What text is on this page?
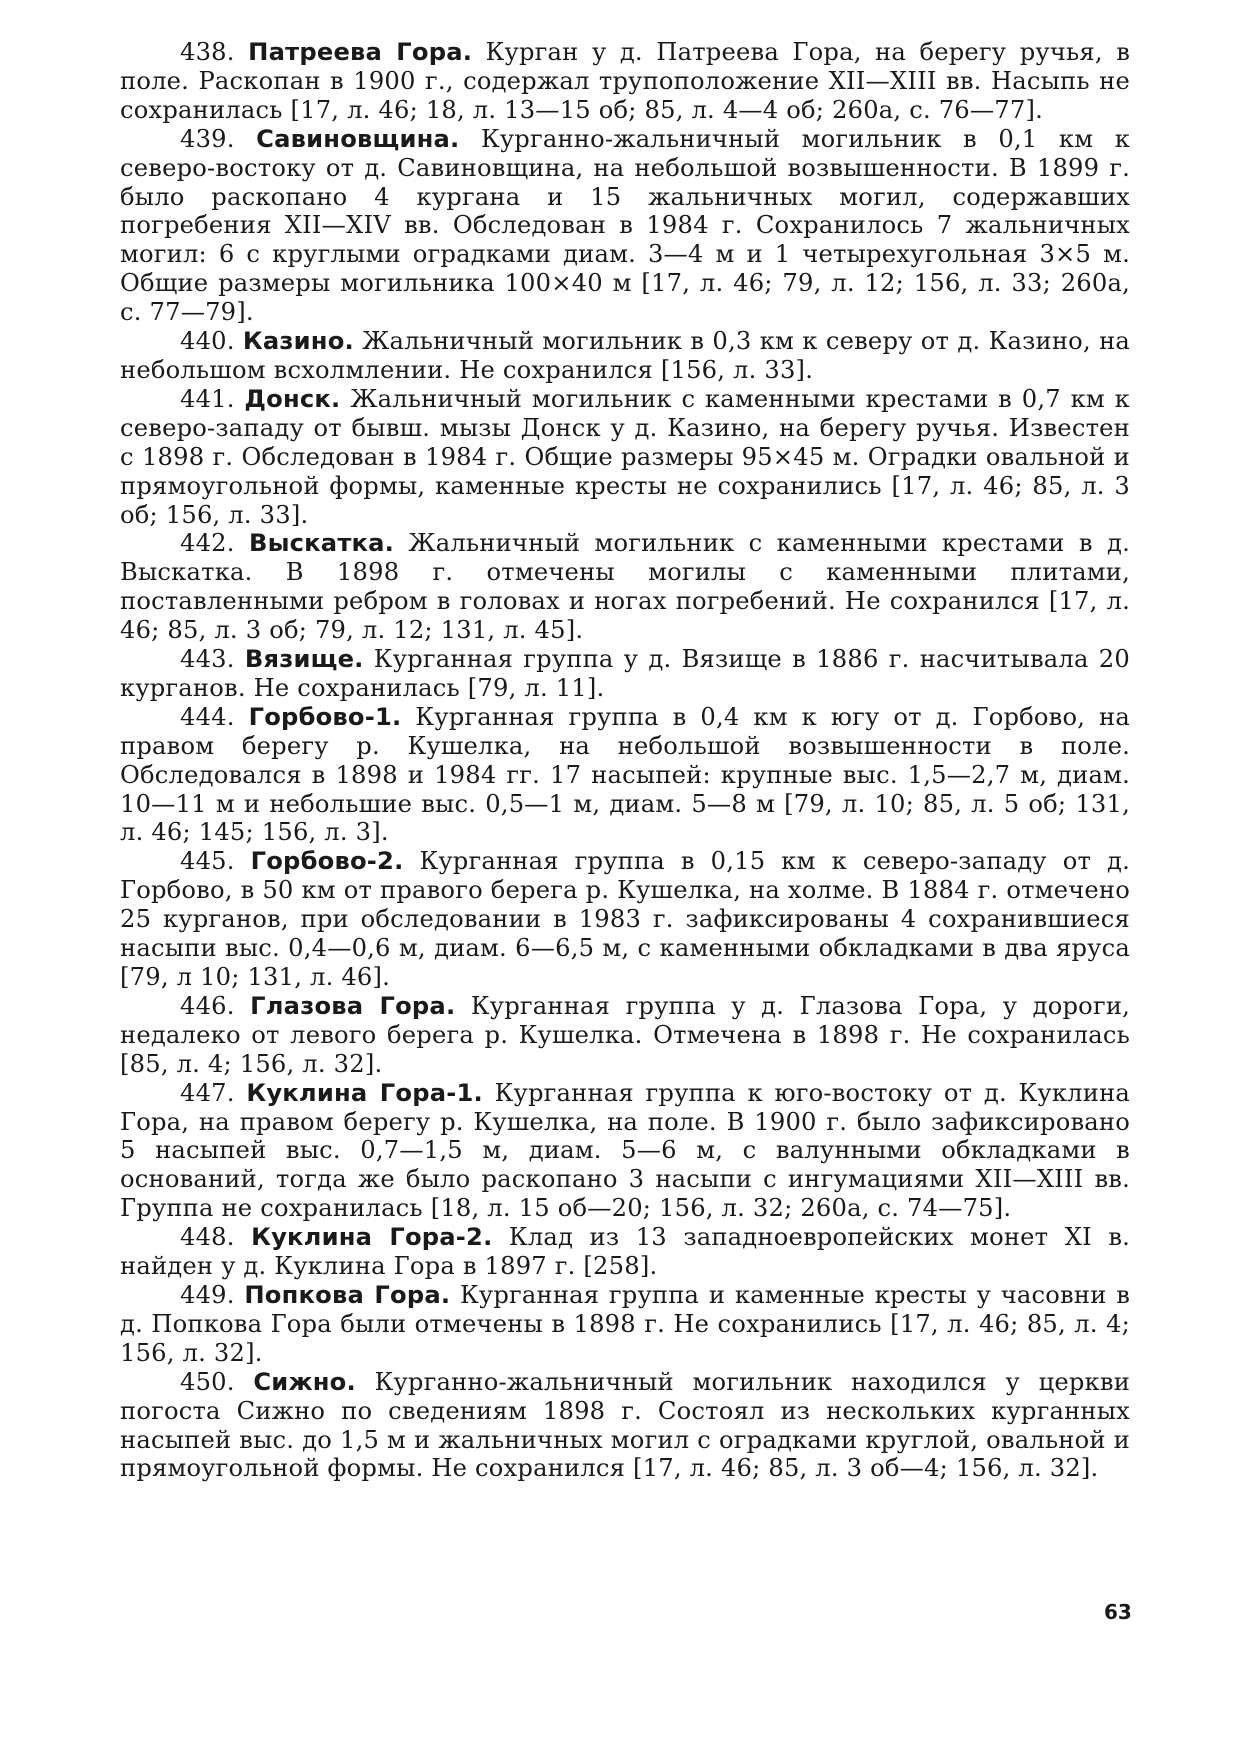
438. Патреева Гора. Курган у д. Патреева Гора, на берегу ручья, в поле. Раскопан в 1900 г., содержал трупоположение XII—XIII вв. Насыпь не сохранилась [17, л. 46; 18, л. 13—15 об; 85, л. 4—4 об; 260а, с. 76—77].

439. Савиновщина. Курганно-жальничный могильник в 0,1 км к северо-востоку от д. Савиновщина, на небольшой возвышенности. В 1899 г. было раскопано 4 кургана и 15 жальничных могил, содержавших погребения XII—XIV вв. Обследован в 1984 г. Сохранилось 7 жальничных могил: 6 с круглыми оградками диам. 3—4 м и 1 четырехугольная 3×5 м. Общие размеры могильника 100×40 м [17, л. 46; 79, л. 12; 156, л. 33; 260а, с. 77—79].

440. Казино. Жальничный могильник в 0,3 км к северу от д. Казино, на небольшом всхолмлении. Не сохранился [156, л. 33].

441. Донск. Жальничный могильник с каменными крестами в 0,7 км к северо-западу от бывш. мызы Донск у д. Казино, на берегу ручья. Известен с 1898 г. Обследован в 1984 г. Общие размеры 95×45 м. Оградки овальной и прямоугольной формы, каменные кресты не сохранились [17, л. 46; 85, л. 3 об; 156, л. 33].

442. Выскатка. Жальничный могильник с каменными крестами в д. Выскатка. В 1898 г. отмечены могилы с каменными плитами, поставленными ребром в головах и ногах погребений. Не сохранился [17, л. 46; 85, л. 3 об; 79, л. 12; 131, л. 45].

443. Вязище. Курганная группа у д. Вязище в 1886 г. насчитывала 20 курганов. Не сохранилась [79, л. 11].

444. Горбово-1. Курганная группа в 0,4 км к югу от д. Горбово, на правом берегу р. Кушелка, на небольшой возвышенности в поле. Обследовался в 1898 и 1984 гг. 17 насыпей: крупные выс. 1,5—2,7 м, диам. 10—11 м и небольшие выс. 0,5—1 м, диам. 5—8 м [79, л. 10; 85, л. 5 об; 131, л. 46; 145; 156, л. 3].

445. Горбово-2. Курганная группа в 0,15 км к северо-западу от д. Горбово, в 50 км от правого берега р. Кушелка, на холме. В 1884 г. отмечено 25 курганов, при обследовании в 1983 г. зафиксированы 4 сохранившиеся насыпи выс. 0,4—0,6 м, диам. 6—6,5 м, с каменными обкладками в два яруса [79, л 10; 131, л. 46].

446. Глазова Гора. Курганная группа у д. Глазова Гора, у дороги, недалеко от левого берега р. Кушелка. Отмечена в 1898 г. Не сохранилась [85, л. 4; 156, л. 32].

447. Куклина Гора-1. Курганная группа к юго-востоку от д. Куклина Гора, на правом берегу р. Кушелка, на поле. В 1900 г. было зафиксировано 5 насыпей выс. 0,7—1,5 м, диам. 5—6 м, с валунными обкладками в оснований, тогда же было раскопано 3 насыпи с ингумациями XII—XIII вв. Группа не сохранилась [18, л. 15 об—20; 156, л. 32; 260а, с. 74—75].

448. Куклина Гора-2. Клад из 13 западноевропейских монет XI в. найден у д. Куклина Гора в 1897 г. [258].

449. Попкова Гора. Курганная группа и каменные кресты у часовни в д. Попкова Гора были отмечены в 1898 г. Не сохранились [17, л. 46; 85, л. 4; 156, л. 32].

450. Сижно. Курганно-жальничный могильник находился у церкви погоста Сижно по сведениям 1898 г. Состоял из нескольких курганных насыпей выс. до 1,5 м и жальничных могил с оградками круглой, овальной и прямоугольной формы. Не сохранился [17, л. 46; 85, л. 3 об—4; 156, л. 32].

63
